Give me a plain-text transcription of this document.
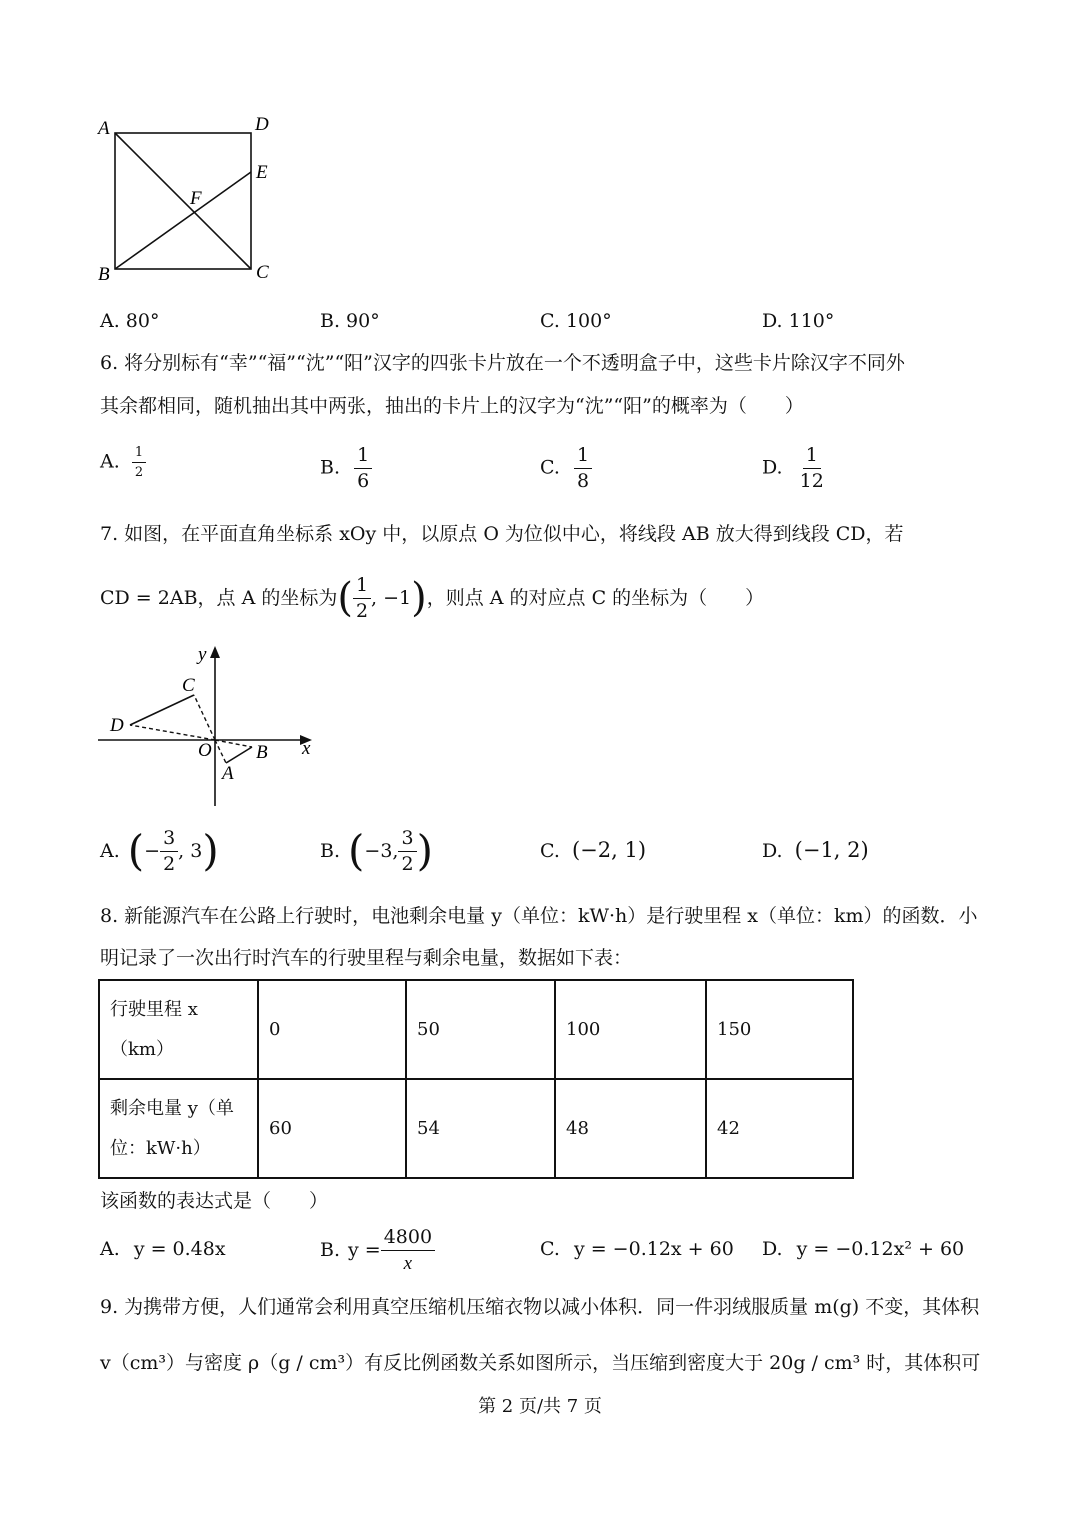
A	D
E
F
B	C
A. 80°	B. 90°	C. 100°	D. 110°
6. 将分别标有“幸”“福”“沈”“阳”汉字的四张卡片放在一个不透明盒子中，这些卡片除汉字不同外
其余都相同，随机抽出其中两张，抽出的卡片上的汉字为“沈”“阳”的概率为（　　）
A. $\frac{1}{2}$	B. $\frac{1}{6}$	C. $\frac{1}{8}$	D. $\frac{1}{12}$
7. 如图，在平面直角坐标系 xOy 中，以原点 O 为位似中心，将线段 AB 放大得到线段 CD，若
CD = 2AB，点 A 的坐标为 ( $\frac{1}{2}$ , −1 ) ，则点 A 的对应点 C 的坐标为（　　）
y
x
C
D
O B
A
A. ( − $\frac{3}{2}$ , 3 )	B. ( −3, $\frac{3}{2}$ )	C. (−2, 1)	D. (−1, 2)
8. 新能源汽车在公路上行驶时，电池剩余电量 y（单位：kW·h）是行驶里程 x（单位：km）的函数．小
明记录了一次出行时汽车的行驶里程与剩余电量，数据如下表：
行驶里程 x
（km）	0	50	100	150

剩余电量 y（单
位：kW·h）	60	54	48	42
该函数的表达式是（　　）
A. y = 0.48x	B. $y = \frac{4800}{x}$	C. y = −0.12x + 60 D. y = −0.12x² + 60
9. 为携带方便，人们通常会利用真空压缩机压缩衣物以减小体积．同一件羽绒服质量 m(g) 不变，其体积
v（cm³）与密度 ρ（g / cm³）有反比例函数关系如图所示，当压缩到密度大于 20g / cm³ 时，其体积可
第 2 页/共 7 页
